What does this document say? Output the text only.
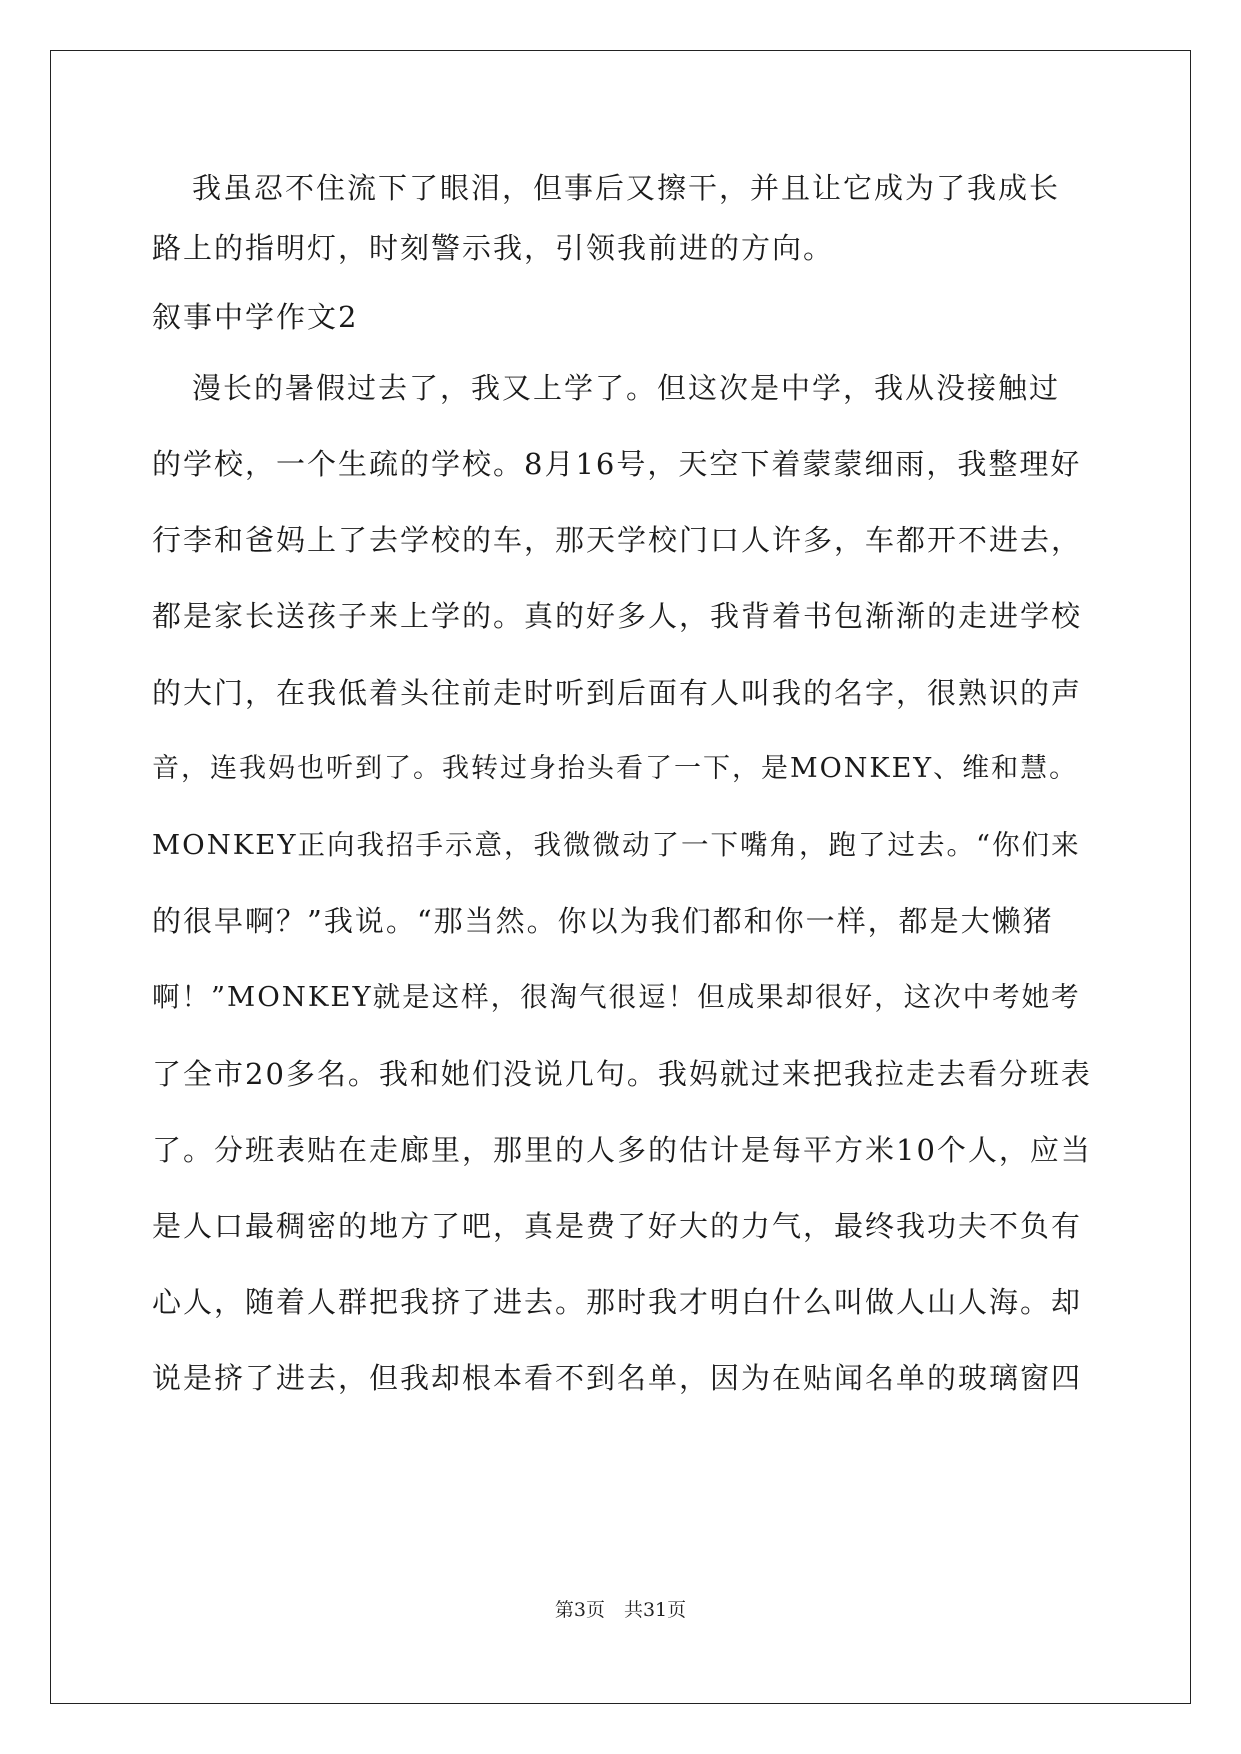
我虽忍不住流下了眼泪，但事后又擦干，并且让它成为了我成长
路上的指明灯，时刻警示我，引领我前进的方向。
叙事中学作文2
漫长的暑假过去了，我又上学了。但这次是中学，我从没接触过
的学校，一个生疏的学校。8月16号，天空下着蒙蒙细雨，我整理好
行李和爸妈上了去学校的车，那天学校门口人许多，车都开不进去，
都是家长送孩子来上学的。真的好多人，我背着书包渐渐的走进学校
的大门，在我低着头往前走时听到后面有人叫我的名字，很熟识的声
音，连我妈也听到了。我转过身抬头看了一下，是MONKEY、维和慧。
MONKEY正向我招手示意，我微微动了一下嘴角，跑了过去。“你们来
的很早啊？”我说。“那当然。你以为我们都和你一样，都是大懒猪
啊！”MONKEY就是这样，很淘气很逗！但成果却很好，这次中考她考
了全市20多名。我和她们没说几句。我妈就过来把我拉走去看分班表
了。分班表贴在走廊里，那里的人多的估计是每平方米10个人，应当
是人口最稠密的地方了吧，真是费了好大的力气，最终我功夫不负有
心人，随着人群把我挤了进去。那时我才明白什么叫做人山人海。却
说是挤了进去，但我却根本看不到名单，因为在贴闻名单的玻璃窗四
第3页　共31页
